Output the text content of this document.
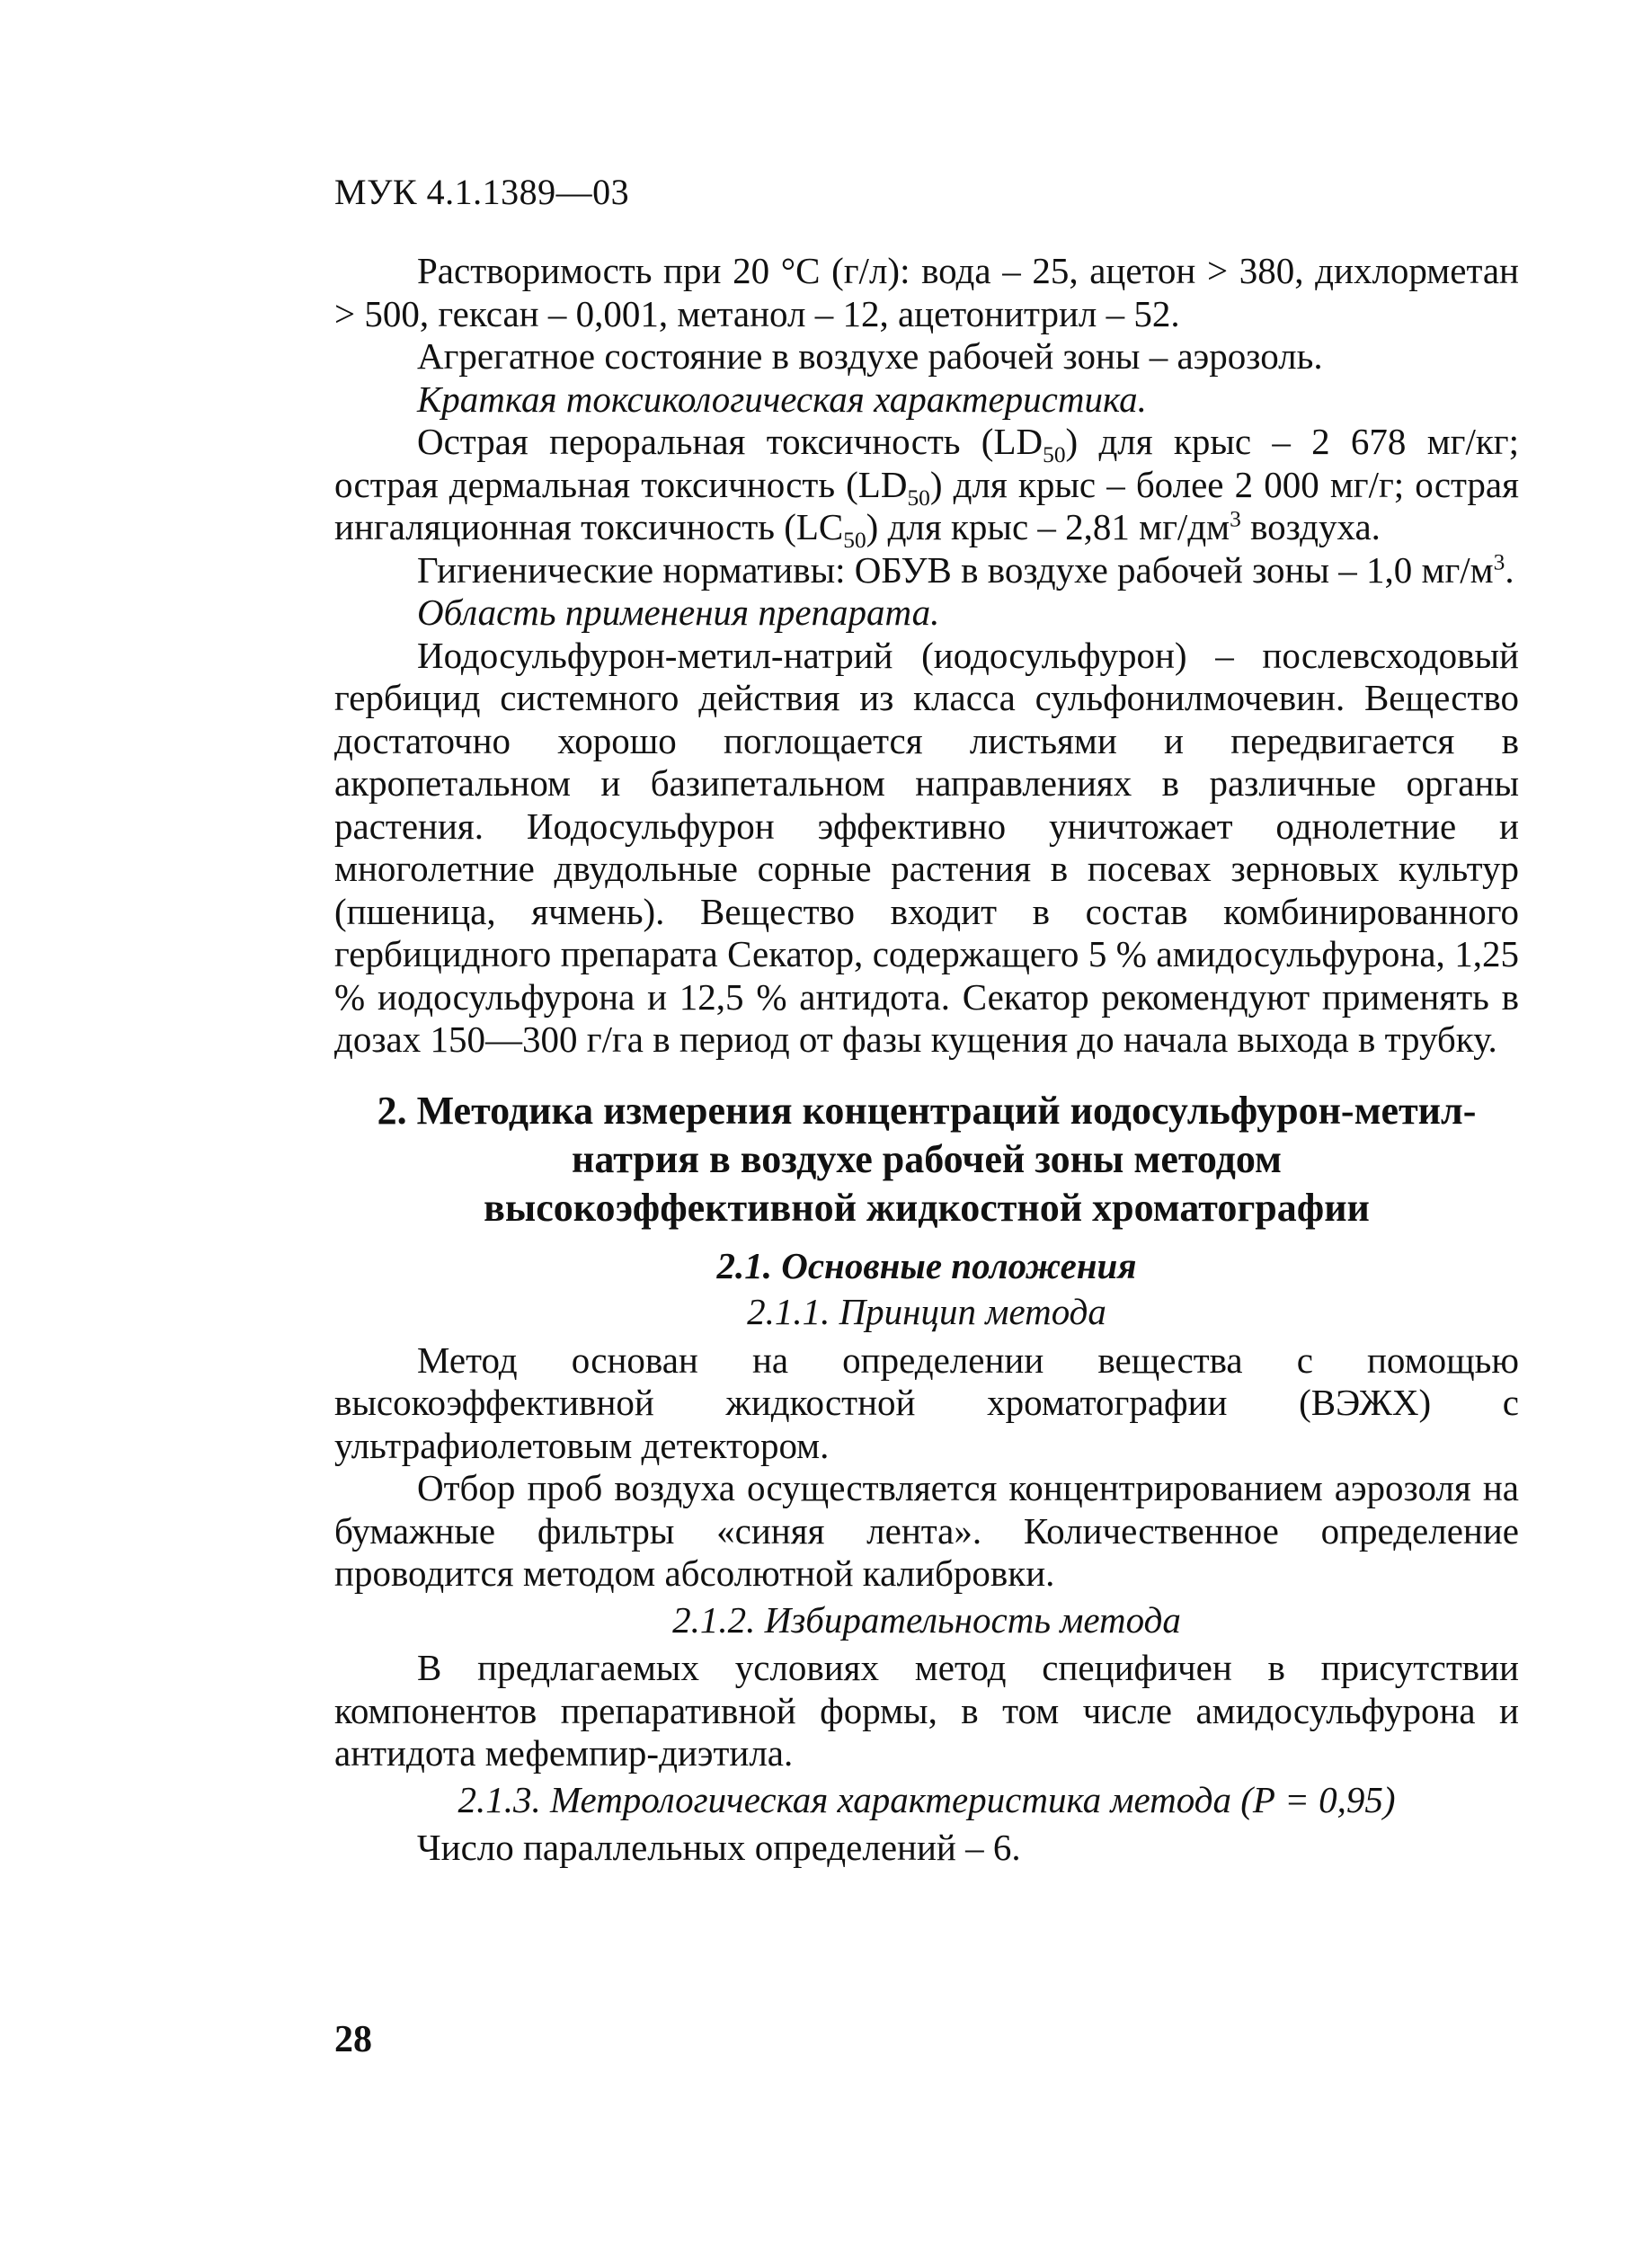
МУК 4.1.1389—03

Растворимость при 20 °С (г/л): вода – 25, ацетон > 380, дихлорметан > 500, гексан – 0,001, метанол – 12, ацетонитрил – 52.

Агрегатное состояние в воздухе рабочей зоны – аэрозоль.

Краткая токсикологическая характеристика.

Острая пероральная токсичность $(LD_{50})$ для крыс – 2 678 мг/кг; острая дермальная токсичность $(LD_{50})$ для крыс – более 2 000 мг/г; острая ингаляционная токсичность $(LC_{50})$ для крыс – 2,81 $мг/дм^3$ воздуха.

Гигиенические нормативы: ОБУВ в воздухе рабочей зоны – 1,0 $мг/м^3$.

Область применения препарата.

Иодосульфурон-метил-натрий (иодосульфурон) – послевсходовый гербицид системного действия из класса сульфонилмочевин. Вещество достаточно хорошо поглощается листьями и передвигается в акропетальном и базипетальном направлениях в различные органы растения. Иодосульфурон эффективно уничтожает однолетние и многолетние двудольные сорные растения в посевах зерновых культур (пшеница, ячмень). Вещество входит в состав комбинированного гербицидного препарата Секатор, содержащего 5 % амидосульфурона, 1,25 % иодосульфурона и 12,5 % антидота. Секатор рекомендуют применять в дозах 150—300 г/га в период от фазы кущения до начала выхода в трубку.

2. Методика измерения концентраций иодосульфурон-метил-
натрия в воздухе рабочей зоны методом
высокоэффективной жидкостной хроматографии

2.1. Основные положения

2.1.1. Принцип метода

Метод основан на определении вещества с помощью высокоэффективной жидкостной хроматографии (ВЭЖХ) с ультрафиолетовым детектором.

Отбор проб воздуха осуществляется концентрированием аэрозоля на бумажные фильтры «синяя лента». Количественное определение проводится методом абсолютной калибровки.

2.1.2. Избирательность метода

В предлагаемых условиях метод специфичен в присутствии компонентов препаративной формы, в том числе амидосульфурона и антидота мефемпир-диэтила.

2.1.3. Метрологическая характеристика метода (Р = 0,95)

Число параллельных определений – 6.

28
